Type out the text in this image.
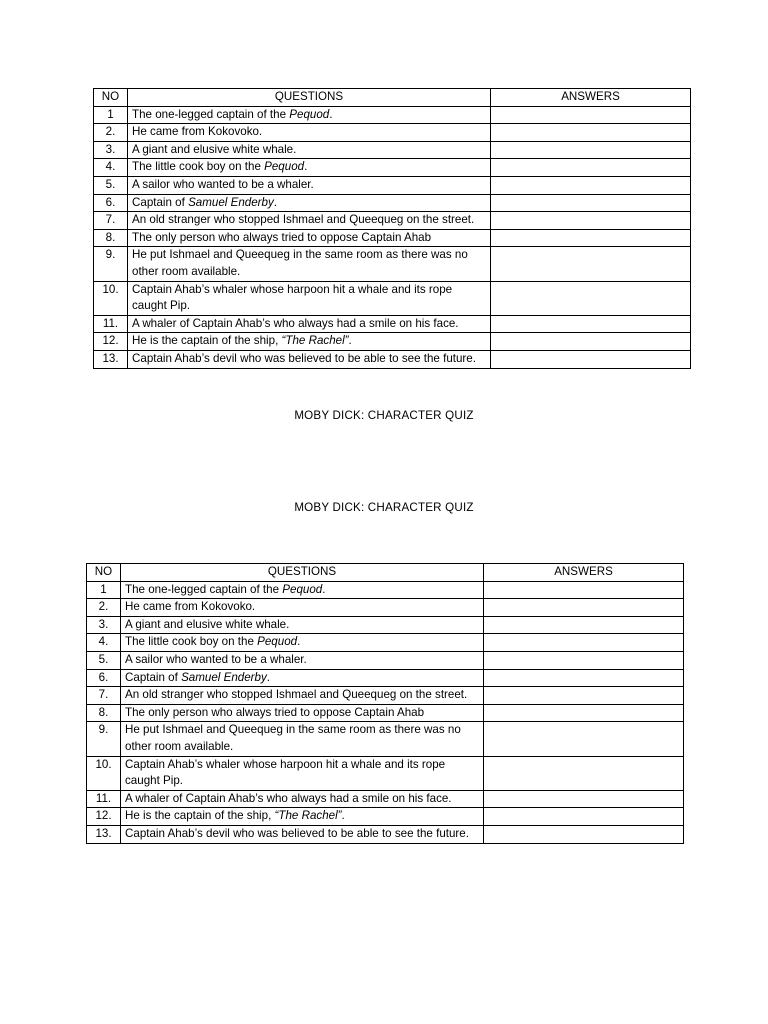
NO	QUESTIONS	ANSWERS
1	The one-legged captain of the Pequod.	
2.	He came from Kokovoko.	
3.	A giant and elusive white whale.	
4.	The little cook boy on the Pequod.	
5.	A sailor who wanted to be a whaler.	
6.	Captain of Samuel Enderby.	
7.	An old stranger who stopped Ishmael and Queequeg on the street.	
8.	The only person who always tried to oppose Captain Ahab	
9.	He put Ishmael and Queequeg in the same room as there was no other room available.	
10.	Captain Ahab’s whaler whose harpoon hit a whale and its rope caught Pip.	
11.	A whaler of Captain Ahab’s who always had a smile on his face.	
12.	He is the captain of the ship, “The Rachel”.	
13.	Captain Ahab’s devil who was believed to be able to see the future.	
MOBY DICK: CHARACTER QUIZ
MOBY DICK: CHARACTER QUIZ
NO	QUESTIONS	ANSWERS
1	The one-legged captain of the Pequod.	
2.	He came from Kokovoko.	
3.	A giant and elusive white whale.	
4.	The little cook boy on the Pequod.	
5.	A sailor who wanted to be a whaler.	
6.	Captain of Samuel Enderby.	
7.	An old stranger who stopped Ishmael and Queequeg on the street.	
8.	The only person who always tried to oppose Captain Ahab	
9.	He put Ishmael and Queequeg in the same room as there was no other room available.	
10.	Captain Ahab’s whaler whose harpoon hit a whale and its rope caught Pip.	
11.	A whaler of Captain Ahab’s who always had a smile on his face.	
12.	He is the captain of the ship, “The Rachel”.	
13.	Captain Ahab’s devil who was believed to be able to see the future.	
